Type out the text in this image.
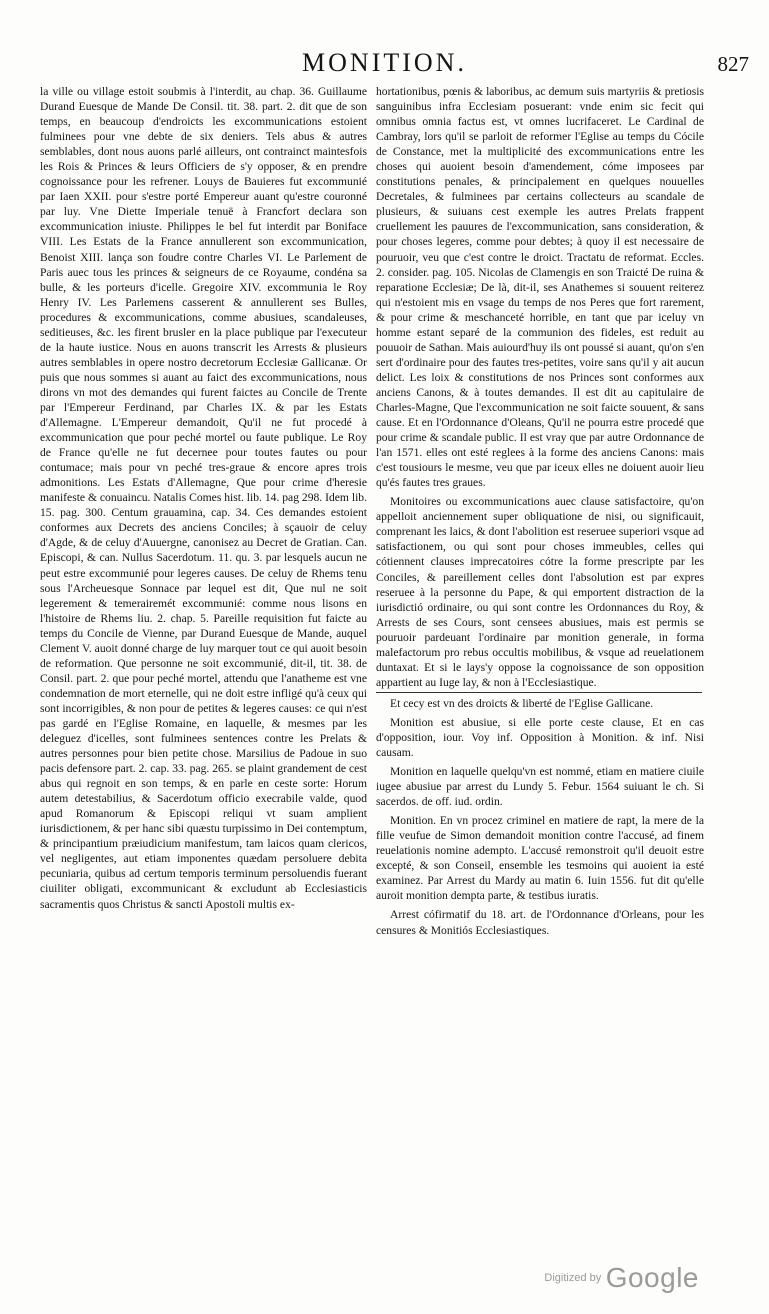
MONITION.	827

la ville ou village estoit soubmis à l'interdit, au chap. 36. Guillaume Durand Euesque de Mande De Consil. tit. 38. part. 2. dit que de son temps, en beaucoup d'endroicts les excommunications estoient fulminees pour vne debte de six deniers. Tels abus & autres semblables, dont nous auons parlé ailleurs, ont contrainct maintesfois les Rois & Princes & leurs Officiers de s'y opposer, & en prendre cognoissance pour les refrener. Louys de Bauieres fut excommunié par Iaen XXII. pour s'estre porté Empereur auant qu'estre couronné par luy. Vne Diette Imperiale tenuë à Francfort declara son excommunication iniuste. Philippes le bel fut interdit par Boniface VIII. Les Estats de la France annullerent son excommunication, Benoist XIII. lança son foudre contre Charles VI. Le Parlement de Paris auec tous les princes & seigneurs de ce Royaume, condéna sa bulle, & les porteurs d'icelle. Gregoire XIV. excommunia le Roy Henry IV. Les Parlemens casserent & annullerent ses Bulles, procedures & excommunications, comme abusiues, scandaleuses, seditieuses, &c. les firent brusler en la place publique par l'executeur de la haute iustice. Nous en auons transcrit les Arrests & plusieurs autres semblables in opere nostro decretorum Ecclesiæ Gallicanæ. Or puis que nous sommes si auant au faict des excommunications, nous dirons vn mot des demandes qui furent faictes au Concile de Trente par l'Empereur Ferdinand, par Charles IX. & par les Estats d'Allemagne. L'Empereur demandoit, Qu'il ne fut procedé à excommunication que pour peché mortel ou faute publique. Le Roy de France qu'elle ne fut decernee pour toutes fautes ou pour contumace; mais pour vn peché tres-graue & encore apres trois admonitions. Les Estats d'Allemagne, Que pour crime d'heresie manifeste & conuaincu. Natalis Comes hist. lib. 14. pag 298. Idem lib. 15. pag. 300. Centum grauamina, cap. 34. Ces demandes estoient conformes aux Decrets des anciens Conciles; à sçauoir de celuy d'Agde, & de celuy d'Auuergne, canonisez au Decret de Gratian. Can. Episcopi, & can. Nullus Sacerdotum. 11. qu. 3. par lesquels aucun ne peut estre excommunié pour legeres causes. De celuy de Rhems tenu sous l'Archeuesque Sonnace par lequel est dit, Que nul ne soit legerement & temerairemét excommunié: comme nous lisons en l'histoire de Rhems liu. 2. chap. 5. Pareille requisition fut faicte au temps du Concile de Vienne, par Durand Euesque de Mande, auquel Clement V. auoit donné charge de luy marquer tout ce qui auoit besoin de reformation. Que personne ne soit excommunié, dit-il, tit. 38. de Consil. part. 2. que pour peché mortel, attendu que l'anatheme est vne condemnation de mort eternelle, qui ne doit estre infligé qu'à ceux qui sont incorrigibles, & non pour de petites & legeres causes: ce qui n'est pas gardé en l'Eglise Romaine, en laquelle, & mesmes par les deleguez d'icelles, sont fulminees sentences contre les Prelats & autres personnes pour bien petite chose. Marsilius de Padoue in suo pacis defensore part. 2. cap. 33. pag. 265. se plaint grandement de cest abus qui regnoit en son temps, & en parle en ceste sorte: Horum autem detestabilius, & Sacerdotum officio execrabile valde, quod apud Romanorum & Episcopi reliqui vt suam amplient iurisdictionem, & per hanc sibi quæstu turpissimo in Dei contemptum, & principantium præiudicium manifestum, tam laicos quam clericos, vel negligentes, aut etiam imponentes quædam persoluere debita pecuniaria, quibus ad certum temporis terminum persoluendis fuerant ciuiliter obligati, excommunicant & excludunt ab Ecclesiasticis sacramentis quos Christus & sancti Apostoli multis ex-

hortationibus, pœnis & laboribus, ac demum suis martyriis & pretiosis sanguinibus infra Ecclesiam posuerant: vnde enim sic fecit qui omnibus omnia factus est, vt omnes lucrifaceret. Le Cardinal de Cambray, lors qu'il se parloit de reformer l'Eglise au temps du Cócile de Constance, met la multiplicité des excommunications entre les choses qui auoient besoin d'amendement, cóme imposees par constitutions penales, & principalement en quelques nouuelles Decretales, & fulminees par certains collecteurs au scandale de plusieurs, & suiuans cest exemple les autres Prelats frappent cruellement les pauures de l'excommunication, sans consideration, & pour choses legeres, comme pour debtes; à quoy il est necessaire de pouruoir, veu que c'est contre le droict. Tractatu de reformat. Eccles. 2. consider. pag. 105. Nicolas de Clamengis en son Traicté De ruina & reparatione Ecclesiæ; De là, dit-il, ses Anathemes si souuent reiterez qui n'estoient mis en vsage du temps de nos Peres que fort rarement, & pour crime & meschanceté horrible, en tant que par iceluy vn homme estant separé de la communion des fideles, est reduit au pouuoir de Sathan. Mais auiourd'huy ils ont poussé si auant, qu'on s'en sert d'ordinaire pour des fautes tres-petites, voire sans qu'il y ait aucun delict. Les loix & constitutions de nos Princes sont conformes aux anciens Canons, & à toutes demandes. Il est dit au capitulaire de Charles-Magne, Que l'excommunication ne soit faicte souuent, & sans cause. Et en l'Ordonnance d'Oleans, Qu'il ne pourra estre procedé que pour crime & scandale public. Il est vray que par autre Ordonnance de l'an 1571. elles ont esté reglees à la forme des anciens Canons: mais c'est tousiours le mesme, veu que par iceux elles ne doiuent auoir lieu qu'és fautes tres graues.

Monitoires ou excommunications auec clause satisfactoire, qu'on appelloit anciennement super obliquatione de nisi, ou significauit, comprenant les laics, & dont l'abolition est reseruee superiori vsque ad satisfactionem, ou qui sont pour choses immeubles, celles qui cótiennent clauses imprecatoires cótre la forme prescripte par les Conciles, & pareillement celles dont l'absolution est par expres reseruee à la personne du Pape, & qui emportent distraction de la iurisdictió ordinaire, ou qui sont contre les Ordonnances du Roy, & Arrests de ses Cours, sont censees abusiues, mais est permis se pouruoir pardeuant l'ordinaire par monition generale, in forma malefactorum pro rebus occultis mobilibus, & vsque ad reuelationem duntaxat. Et si le lays'y oppose la cognoissance de son opposition appartient au Iuge lay, & non à l'Ecclesiastique.

Et cecy est vn des droicts & liberté de l'Eglise Gallicane.

Monition est abusiue, si elle porte ceste clause, Et en cas d'opposition, iour. Voy inf. Opposition à Monition. & inf. Nisi causam.

Monition en laquelle quelqu'vn est nommé, etiam en matiere ciuile iugee abusiue par arrest du Lundy 5. Febur. 1564 suiuant le ch. Si sacerdos. de off. iud. ordin.

Monition. En vn procez criminel en matiere de rapt, la mere de la fille veufue de Simon demandoit monition contre l'accusé, ad finem reuelationis nomine adempto. L'accusé remonstroit qu'il deuoit estre excepté, & son Conseil, ensemble les tesmoins qui auoient ia esté examinez. Par Arrest du Mardy au matin 6. Iuin 1556. fut dit qu'elle auroit monition dempta parte, & testibus iuratis.

Arrest cófirmatif du 18. art. de l'Ordonnance d'Orleans, pour les censures & Monitiós Ecclesiastiques.

Digitized by Google
